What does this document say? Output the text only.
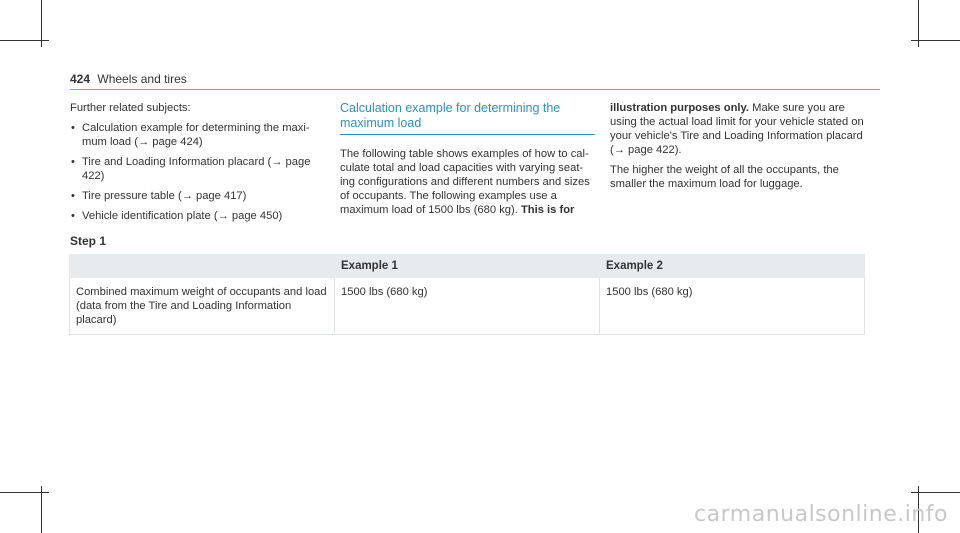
424 Wheels and tires

Further related subjects:

• Calculation example for determining the maxi-mum load (→ page 424)
• Tire and Loading Information placard (→ page 422)
• Tire pressure table (→ page 417)
• Vehicle identification plate (→ page 450)
Calculation example for determining the maximum load

The following table shows examples of how to cal-culate total and load capacities with varying seat-ing configurations and different numbers and sizes of occupants. The following examples use a maximum load of 1500 lbs (680 kg). This is for

illustration purposes only. Make sure you are using the actual load limit for your vehicle stated on your vehicle's Tire and Loading Information placard (→ page 422).

The higher the weight of all the occupants, the smaller the maximum load for luggage.

Step 1
	Example 1	Example 2
Combined maximum weight of occupants and load (data from the Tire and Loading Information placard)	1500 lbs (680 kg)	1500 lbs (680 kg)
carmanualsonline.info
